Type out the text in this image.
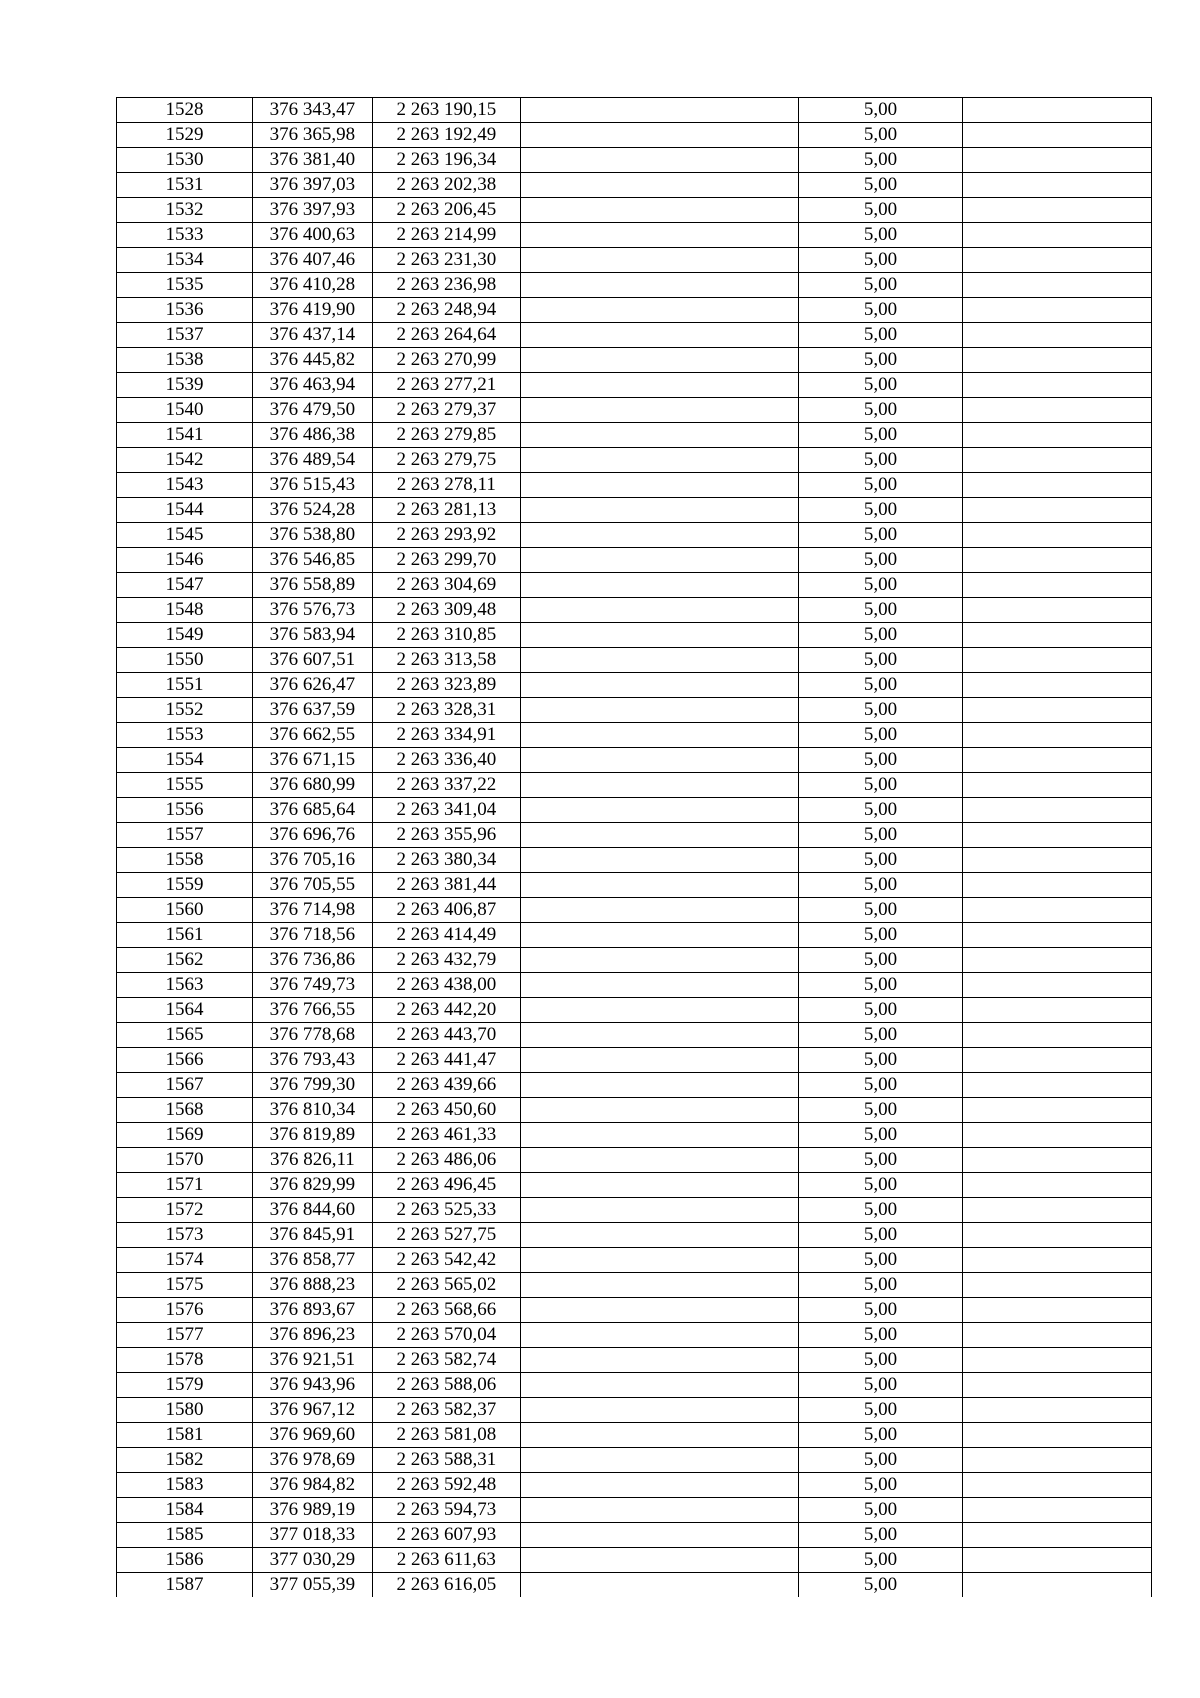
1528	376 343,47	2 263 190,15		5,00	
1529	376 365,98	2 263 192,49		5,00	
1530	376 381,40	2 263 196,34		5,00	
1531	376 397,03	2 263 202,38		5,00	
1532	376 397,93	2 263 206,45		5,00	
1533	376 400,63	2 263 214,99		5,00	
1534	376 407,46	2 263 231,30		5,00	
1535	376 410,28	2 263 236,98		5,00	
1536	376 419,90	2 263 248,94		5,00	
1537	376 437,14	2 263 264,64		5,00	
1538	376 445,82	2 263 270,99		5,00	
1539	376 463,94	2 263 277,21		5,00	
1540	376 479,50	2 263 279,37		5,00	
1541	376 486,38	2 263 279,85		5,00	
1542	376 489,54	2 263 279,75		5,00	
1543	376 515,43	2 263 278,11		5,00	
1544	376 524,28	2 263 281,13		5,00	
1545	376 538,80	2 263 293,92		5,00	
1546	376 546,85	2 263 299,70		5,00	
1547	376 558,89	2 263 304,69		5,00	
1548	376 576,73	2 263 309,48		5,00	
1549	376 583,94	2 263 310,85		5,00	
1550	376 607,51	2 263 313,58		5,00	
1551	376 626,47	2 263 323,89		5,00	
1552	376 637,59	2 263 328,31		5,00	
1553	376 662,55	2 263 334,91		5,00	
1554	376 671,15	2 263 336,40		5,00	
1555	376 680,99	2 263 337,22		5,00	
1556	376 685,64	2 263 341,04		5,00	
1557	376 696,76	2 263 355,96		5,00	
1558	376 705,16	2 263 380,34		5,00	
1559	376 705,55	2 263 381,44		5,00	
1560	376 714,98	2 263 406,87		5,00	
1561	376 718,56	2 263 414,49		5,00	
1562	376 736,86	2 263 432,79		5,00	
1563	376 749,73	2 263 438,00		5,00	
1564	376 766,55	2 263 442,20		5,00	
1565	376 778,68	2 263 443,70		5,00	
1566	376 793,43	2 263 441,47		5,00	
1567	376 799,30	2 263 439,66		5,00	
1568	376 810,34	2 263 450,60		5,00	
1569	376 819,89	2 263 461,33		5,00	
1570	376 826,11	2 263 486,06		5,00	
1571	376 829,99	2 263 496,45		5,00	
1572	376 844,60	2 263 525,33		5,00	
1573	376 845,91	2 263 527,75		5,00	
1574	376 858,77	2 263 542,42		5,00	
1575	376 888,23	2 263 565,02		5,00	
1576	376 893,67	2 263 568,66		5,00	
1577	376 896,23	2 263 570,04		5,00	
1578	376 921,51	2 263 582,74		5,00	
1579	376 943,96	2 263 588,06		5,00	
1580	376 967,12	2 263 582,37		5,00	
1581	376 969,60	2 263 581,08		5,00	
1582	376 978,69	2 263 588,31		5,00	
1583	376 984,82	2 263 592,48		5,00	
1584	376 989,19	2 263 594,73		5,00	
1585	377 018,33	2 263 607,93		5,00	
1586	377 030,29	2 263 611,63		5,00	
1587	377 055,39	2 263 616,05		5,00	
